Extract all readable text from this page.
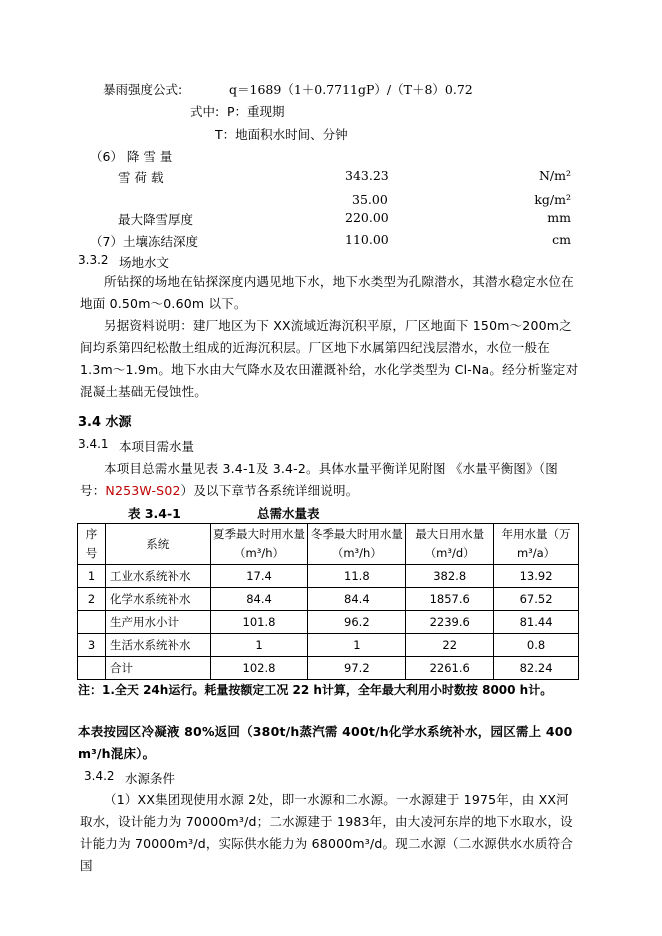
暴雨强度公式:	q＝1689（1＋0.7711gP）/（T＋8）0.72
式中: P：重现期
T：地面积水时间、分钟
（6） 降 雪 量
雪 荷 载	343.23	N/m²
35.00	kg/m²
最大降雪厚度	220.00	mm
（7）土壤冻结深度	110.00	cm
3.3.2 场地水文
所钻探的场地在钻探深度内遇见地下水，地下水类型为孔隙潜水，其潜水稳定水位在地面 0.50m～0.60m 以下。
另据资料说明：建厂地区为下 XX流域近海沉积平原，厂区地面下 150m～200m之间均系第四纪松散土组成的近海沉积层。厂区地下水属第四纪浅层潜水，水位一般在 1.3m～1.9m。地下水由大气降水及农田灌溉补给，水化学类型为 Cl-Na。经分析鉴定对混凝土基础无侵蚀性。
3.4 水源
3.4.1 本项目需水量
本项目总需水量见表 3.4-1及 3.4-2。具体水量平衡详见附图 《水量平衡图》（图号：N253W-S02）及以下章节各系统详细说明。
表 3.4-1	总需水量表
序号	系统	夏季最大时用水量（m³/h）	冬季最大时用水量（m³/h）	最大日用水量（m³/d）	年用水量（万m³/a）
1	工业水系统补水	17.4	11.8	382.8	13.92
2	化学水系统补水	84.4	84.4	1857.6	67.52
	生产用水小计	101.8	96.2	2239.6	81.44
3	生活水系统补水	1	1	22	0.8
	合计	102.8	97.2	2261.6	82.24
注：1.全天 24h运行。耗量按额定工况 22 h计算，全年最大利用小时数按 8000 h计。
本表按园区冷凝液 80%返回（380t/h蒸汽需 400t/h化学水系统补水，园区需上 400 m³/h混床）。
3.4.2 水源条件
（1）XX集团现使用水源 2处，即一水源和二水源。一水源建于 1975年，由 XX河取水，设计能力为 70000m³/d；二水源建于 1983年，由大凌河东岸的地下水取水，设计能力为 70000m³/d，实际供水能力为 68000m³/d。现二水源（二水源供水水质符合国
